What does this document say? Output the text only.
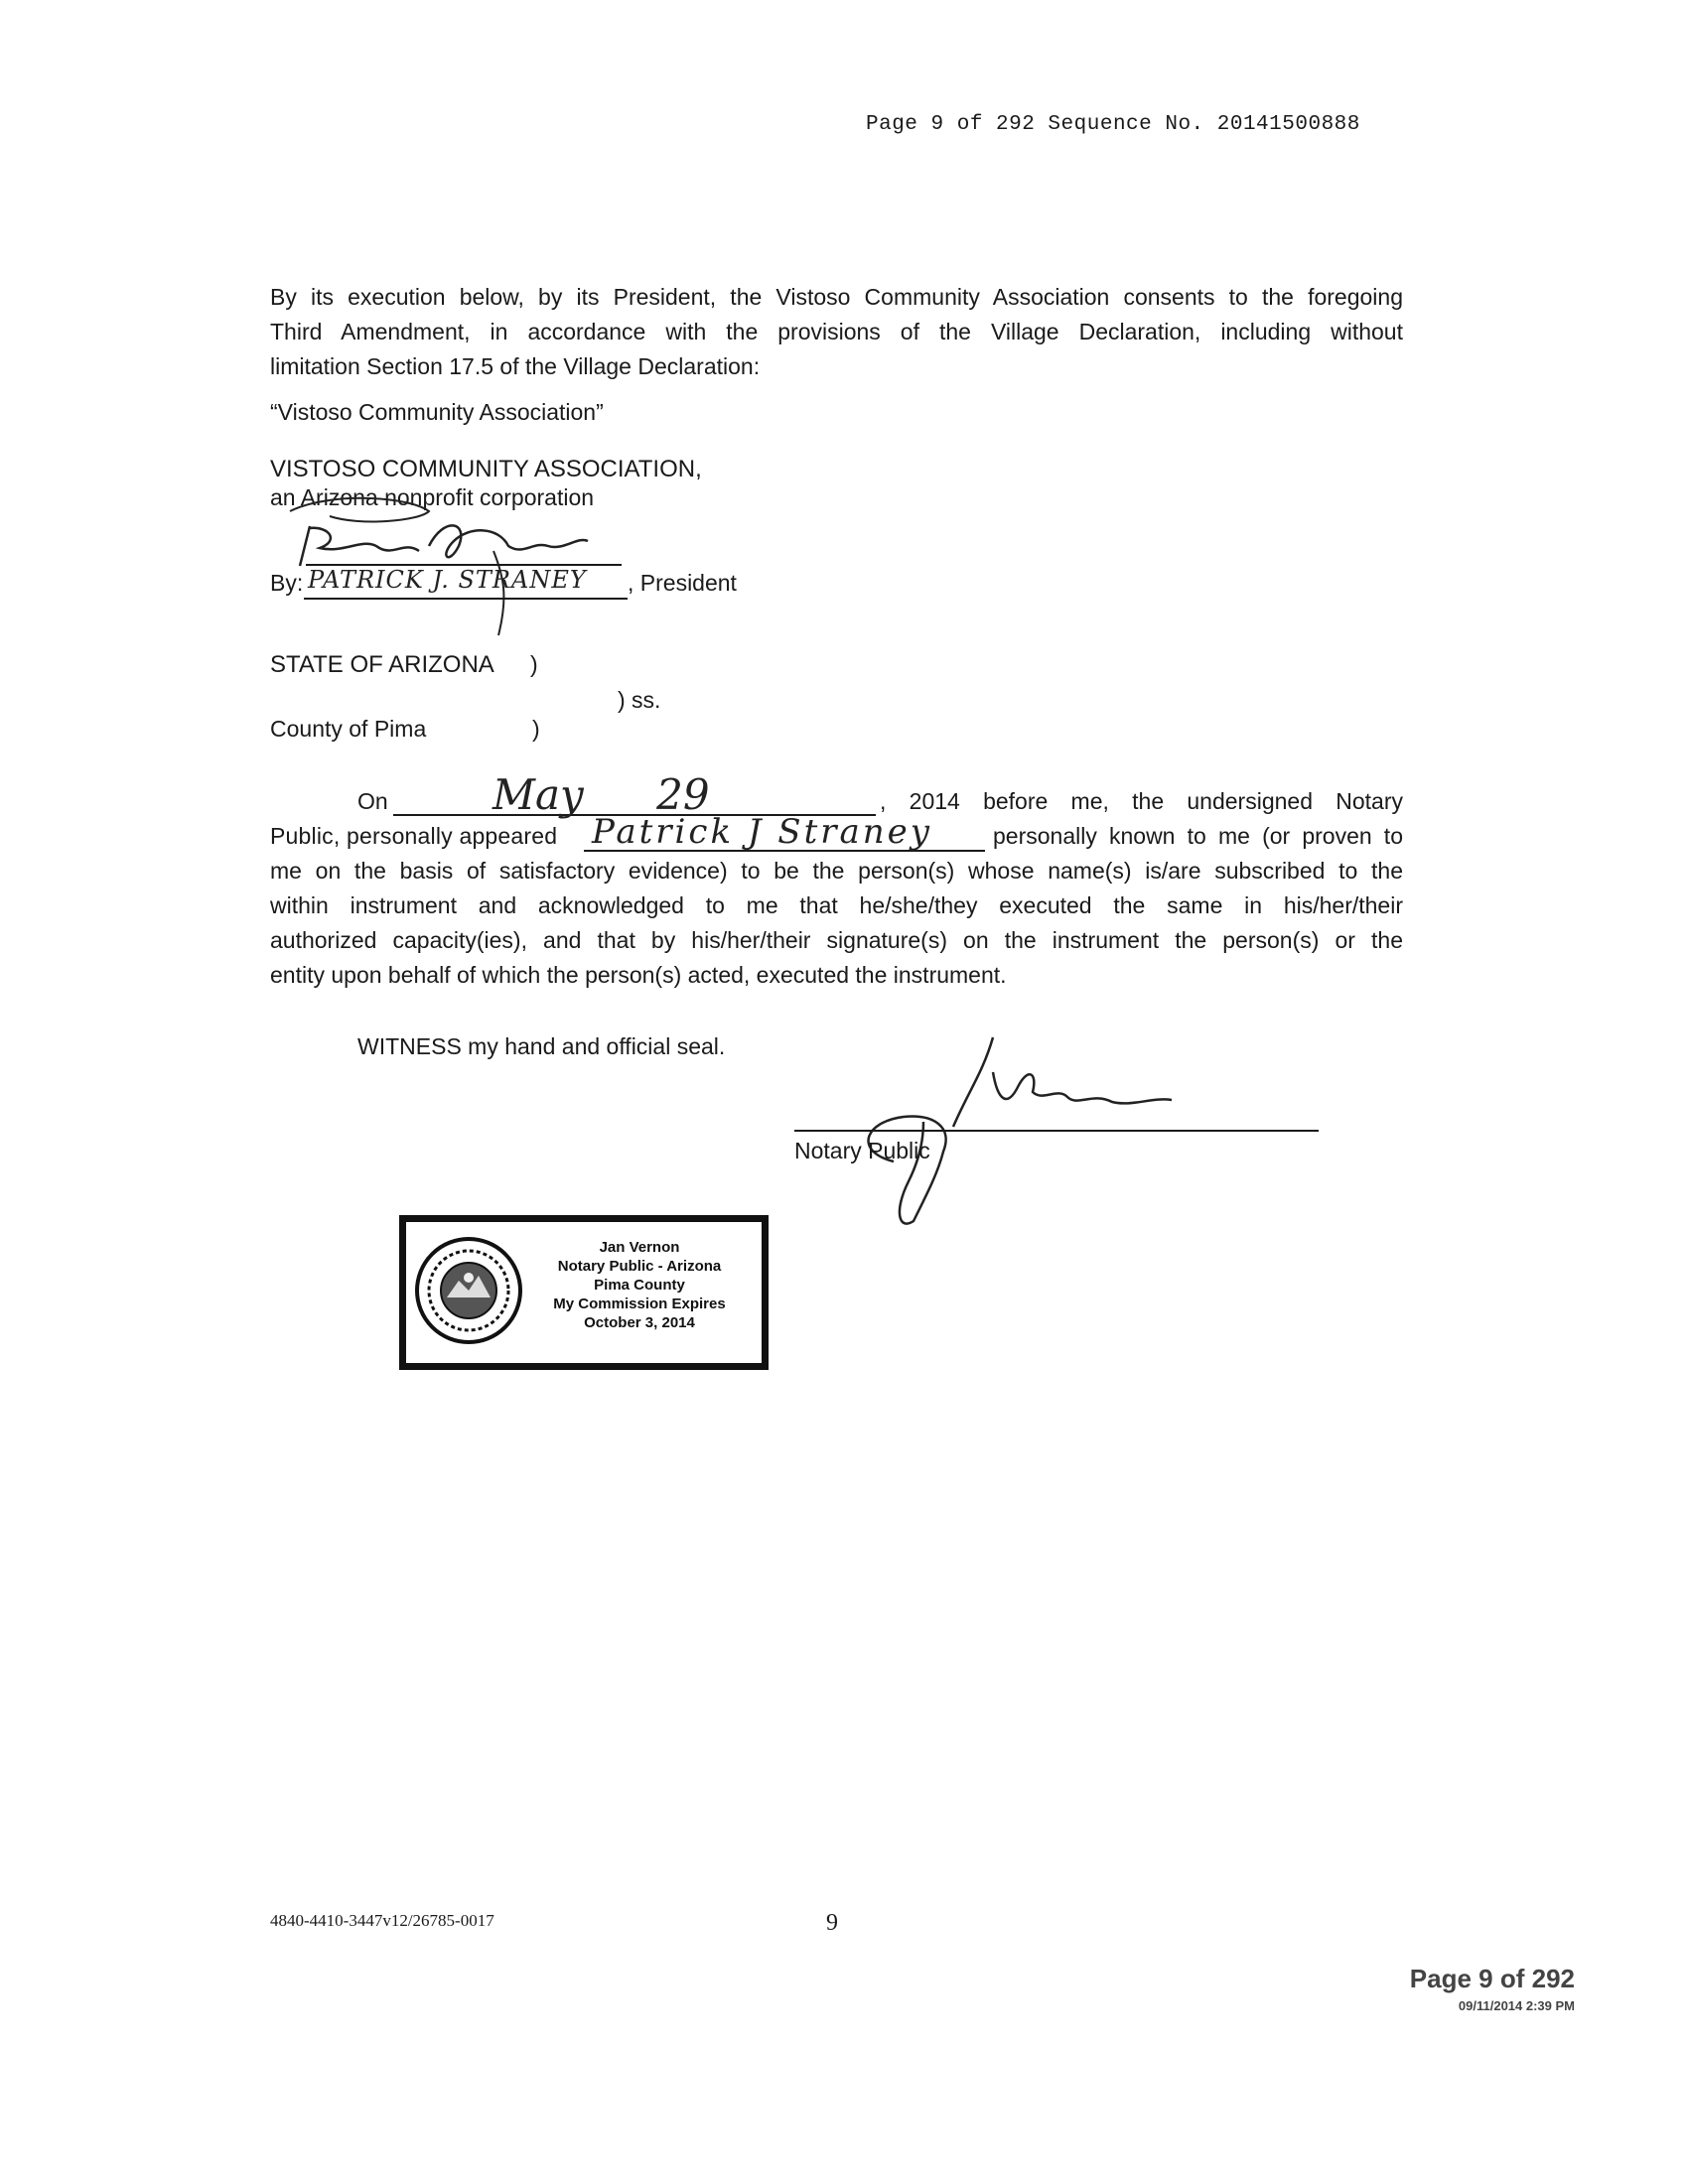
Page 9 of 292 Sequence No. 20141500888
By its execution below, by its President, the Vistoso Community Association consents to the foregoing
Third Amendment, in accordance with the provisions of the Village Declaration, including without
limitation Section 17.5 of the Village Declaration:
“Vistoso Community Association”
VISTOSO COMMUNITY ASSOCIATION,
an Arizona nonprofit corporation
By: PATRICK J. STRANEY , President
STATE OF ARIZONA )
) ss.
County of Pima	)
On	May 29	, 2014 before me, the undersigned Notary
Public, personally appeared	Patrick J Straney	personally known to me (or proven to
me on the basis of satisfactory evidence) to be the person(s) whose name(s) is/are subscribed to the
within instrument and acknowledged to me that he/she/they executed the same in his/her/their
authorized capacity(ies), and that by his/her/their signature(s) on the instrument the person(s) or the
entity upon behalf of which the person(s) acted, executed the instrument.
WITNESS my hand and official seal.
Notary Public
Jan Vernon
Notary Public - Arizona
Pima County
My Commission Expires
October 3, 2014
4840-4410-3447v12/26785-0017	9
Page 9 of 292
09/11/2014 2:39 PM
